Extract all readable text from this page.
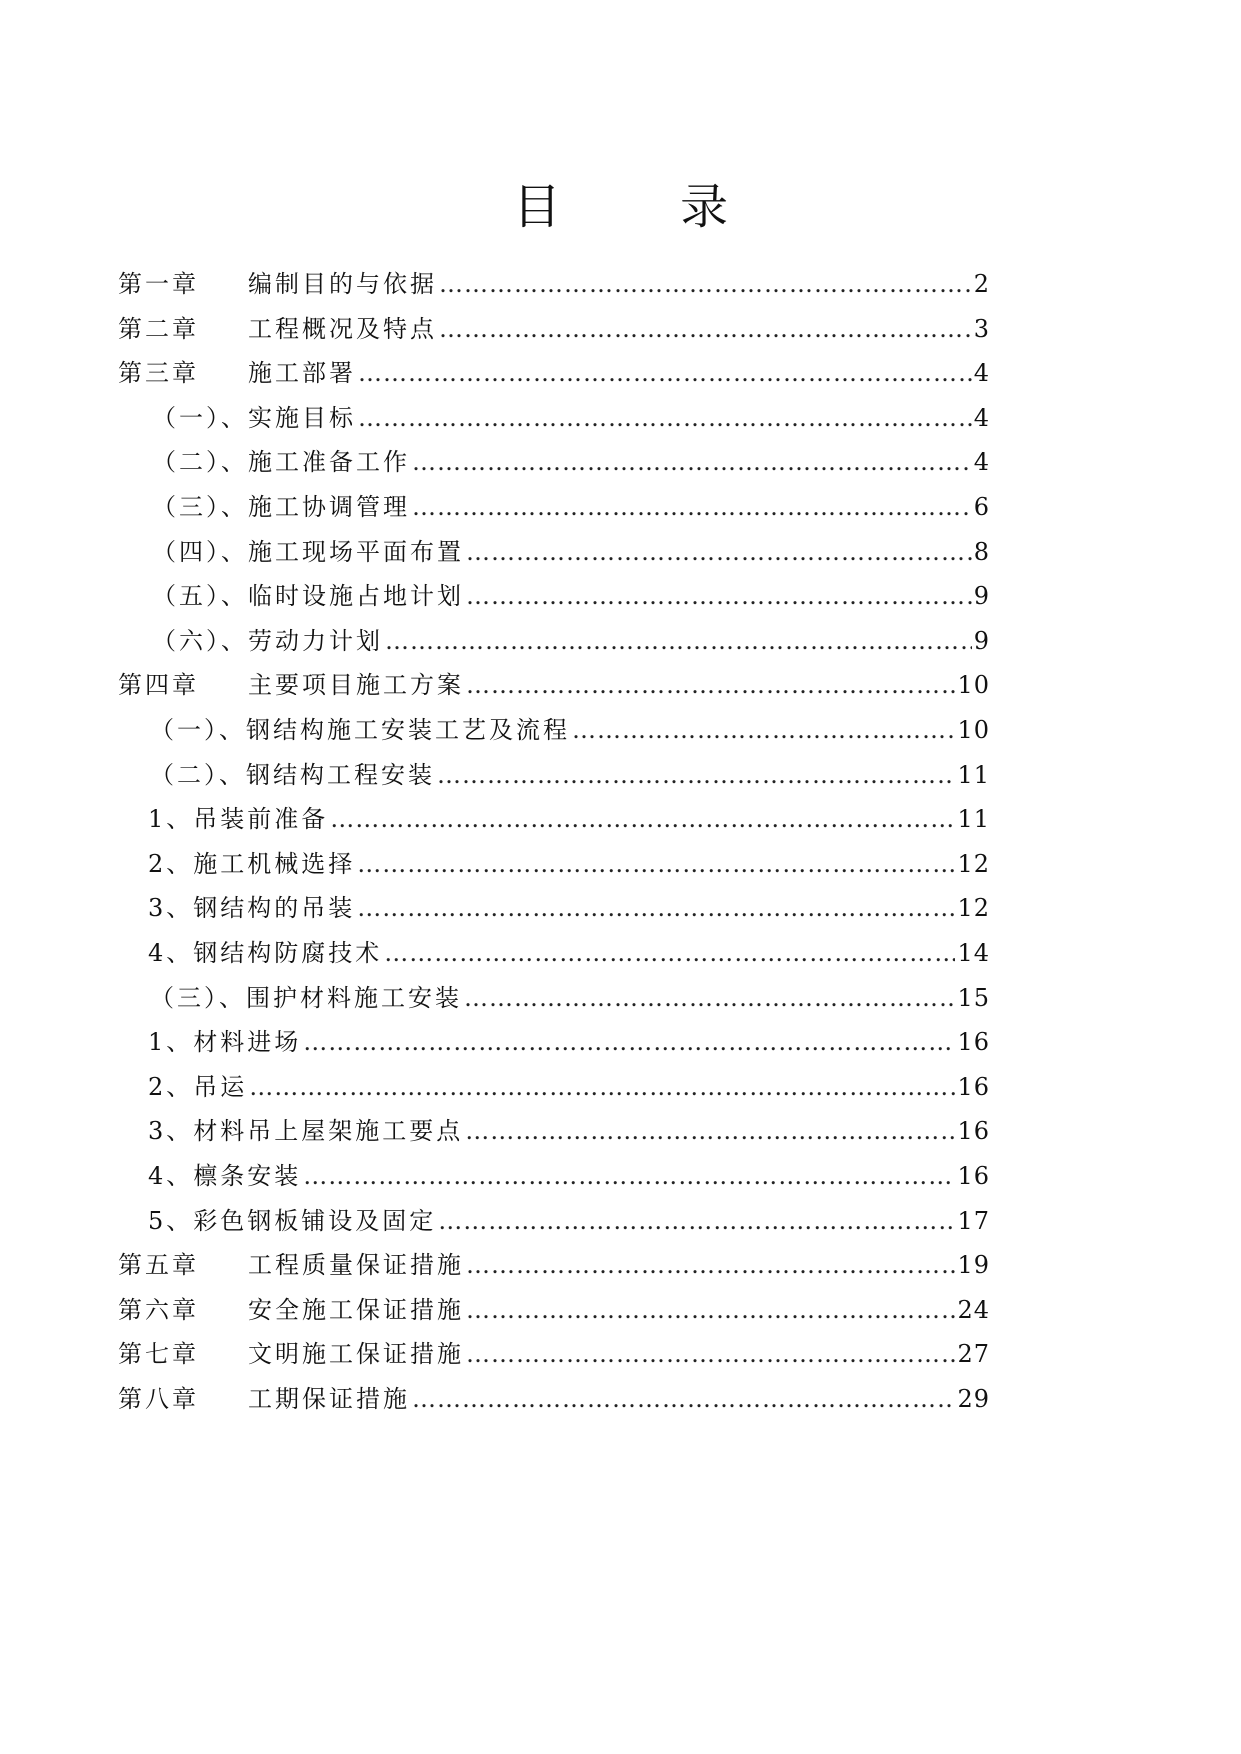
目 录
第一章	编制目的与依据 …………………………………………………………………………………………………………………………………………………………………………	2
第二章	工程概况及特点 …………………………………………………………………………………………………………………………………………………………………………	3
第三章	施工部署 …………………………………………………………………………………………………………………………………………………………………………	4
（一）、实施目标 …………………………………………………………………………………………………………………………………………………………………………	4
（二）、施工准备工作 …………………………………………………………………………………………………………………………………………………………………………	4
（三）、施工协调管理 …………………………………………………………………………………………………………………………………………………………………………	6
（四）、施工现场平面布置 …………………………………………………………………………………………………………………………………………………………………………	8
（五）、临时设施占地计划 …………………………………………………………………………………………………………………………………………………………………………	9
（六）、劳动力计划 …………………………………………………………………………………………………………………………………………………………………………	9
第四章	主要项目施工方案 …………………………………………………………………………………………………………………………………………………………………………	10
（一）、钢结构施工安装工艺及流程 …………………………………………………………………………………………………………………………………………………………………………	10
（二）、钢结构工程安装 …………………………………………………………………………………………………………………………………………………………………………	11
1、吊装前准备 …………………………………………………………………………………………………………………………………………………………………………	11
2、施工机械选择 …………………………………………………………………………………………………………………………………………………………………………	12
3、钢结构的吊装 …………………………………………………………………………………………………………………………………………………………………………	12
4、钢结构防腐技术 …………………………………………………………………………………………………………………………………………………………………………	14
（三）、围护材料施工安装 …………………………………………………………………………………………………………………………………………………………………………	15
1、材料进场 …………………………………………………………………………………………………………………………………………………………………………	16
2、吊运 …………………………………………………………………………………………………………………………………………………………………………	16
3、材料吊上屋架施工要点 …………………………………………………………………………………………………………………………………………………………………………	16
4、檩条安装 …………………………………………………………………………………………………………………………………………………………………………	16
5、彩色钢板铺设及固定 …………………………………………………………………………………………………………………………………………………………………………	17
第五章	工程质量保证措施 …………………………………………………………………………………………………………………………………………………………………………	19
第六章	安全施工保证措施 …………………………………………………………………………………………………………………………………………………………………………	24
第七章	文明施工保证措施 …………………………………………………………………………………………………………………………………………………………………………	27
第八章	工期保证措施 …………………………………………………………………………………………………………………………………………………………………………	29
